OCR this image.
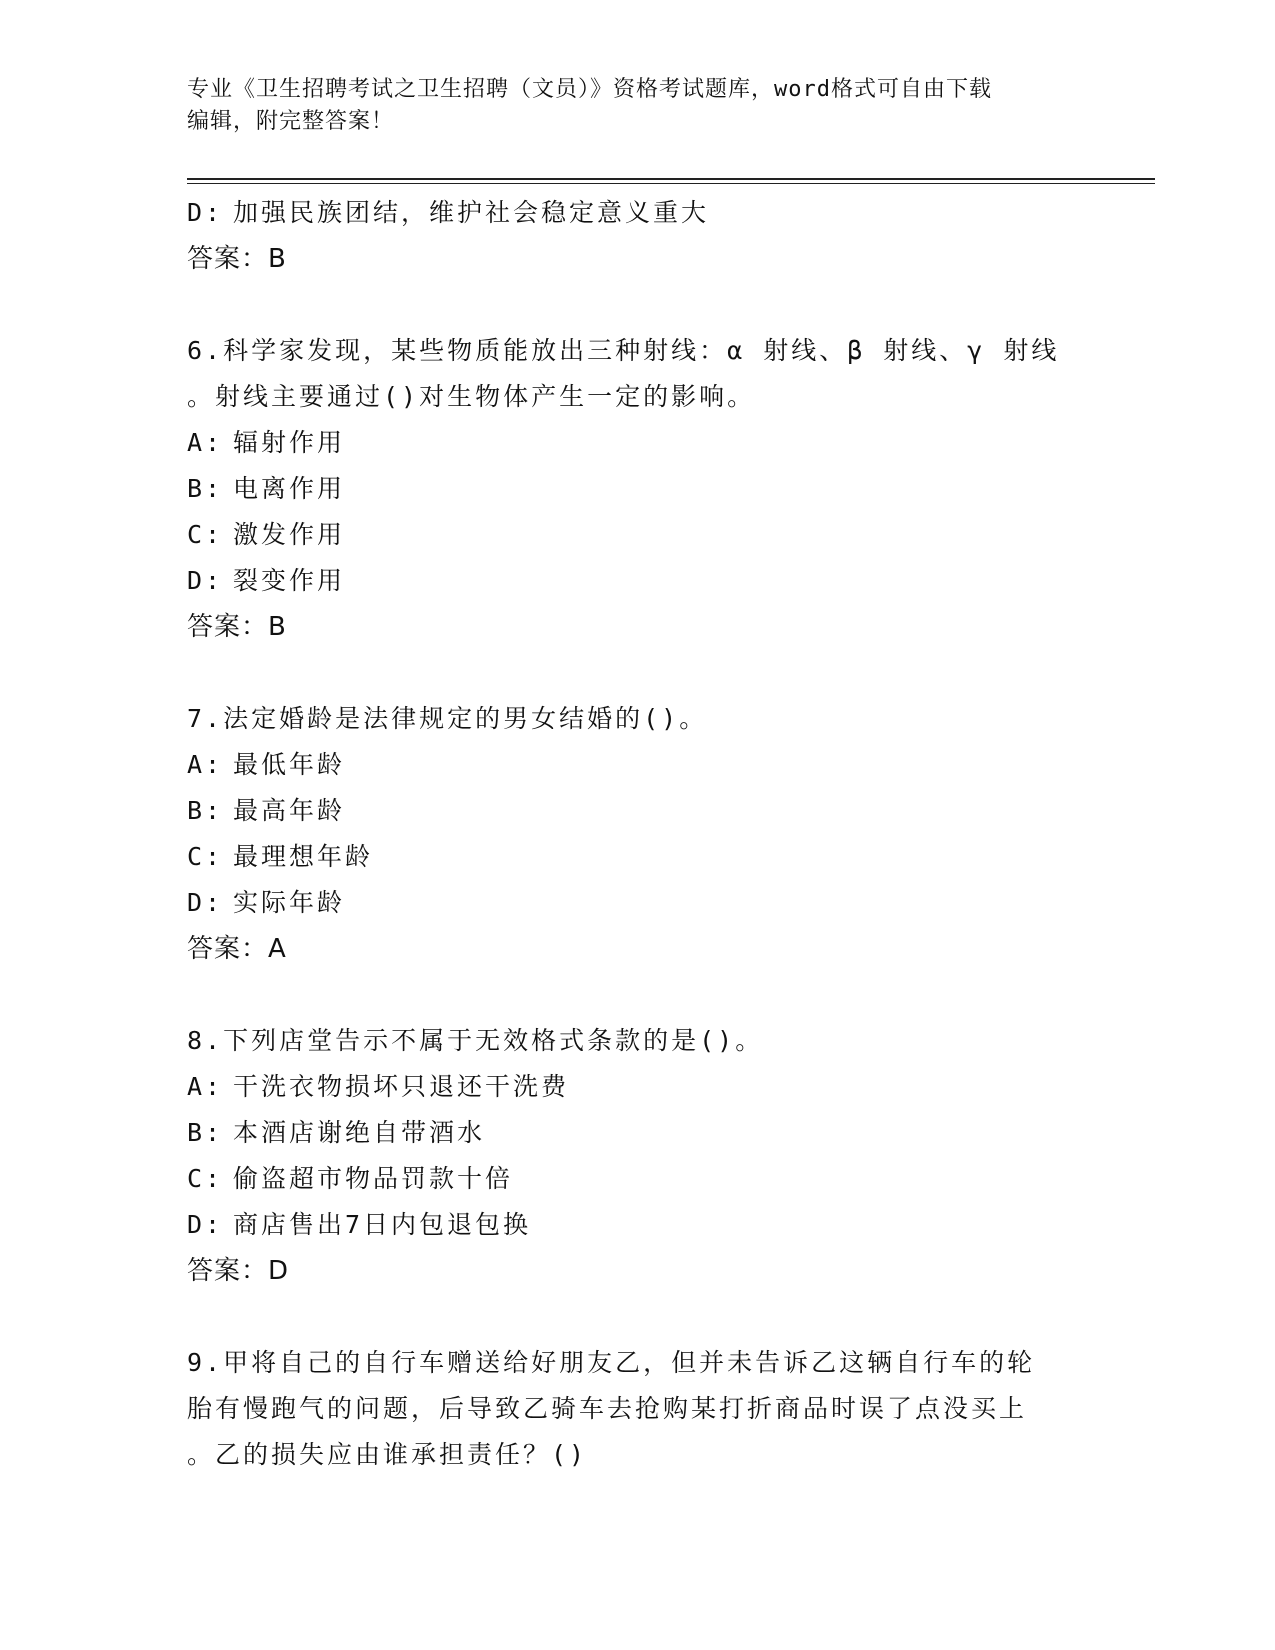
专业《卫生招聘考试之卫生招聘（文员）》资格考试题库，word格式可自由下载
编辑，附完整答案！
D: 加强民族团结，维护社会稳定意义重大
答案：B
6.科学家发现，某些物质能放出三种射线：α 射线、β 射线、γ 射线
。射线主要通过()对生物体产生一定的影响。
A: 辐射作用
B: 电离作用
C: 激发作用
D: 裂变作用
答案：B
7.法定婚龄是法律规定的男女结婚的()。
A: 最低年龄
B: 最高年龄
C: 最理想年龄
D: 实际年龄
答案：A
8.下列店堂告示不属于无效格式条款的是()。
A: 干洗衣物损坏只退还干洗费
B: 本酒店谢绝自带酒水
C: 偷盗超市物品罚款十倍
D: 商店售出7日内包退包换
答案：D
9.甲将自己的自行车赠送给好朋友乙，但并未告诉乙这辆自行车的轮
胎有慢跑气的问题，后导致乙骑车去抢购某打折商品时误了点没买上
。乙的损失应由谁承担责任？()
